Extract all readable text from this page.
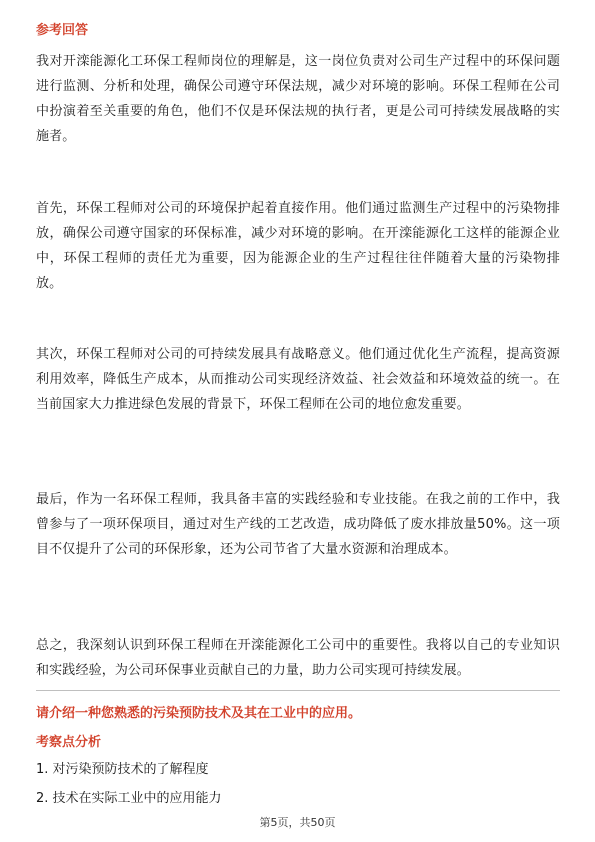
参考回答

我对开滦能源化工环保工程师岗位的理解是，这一岗位负责对公司生产过程中的环保问题进行监测、分析和处理，确保公司遵守环保法规，减少对环境的影响。环保工程师在公司中扮演着至关重要的角色，他们不仅是环保法规的执行者，更是公司可持续发展战略的实施者。

首先，环保工程师对公司的环境保护起着直接作用。他们通过监测生产过程中的污染物排放，确保公司遵守国家的环保标准，减少对环境的影响。在开滦能源化工这样的能源企业中，环保工程师的责任尤为重要，因为能源企业的生产过程往往伴随着大量的污染物排放。

其次，环保工程师对公司的可持续发展具有战略意义。他们通过优化生产流程，提高资源利用效率，降低生产成本，从而推动公司实现经济效益、社会效益和环境效益的统一。在当前国家大力推进绿色发展的背景下，环保工程师在公司的地位愈发重要。

最后，作为一名环保工程师，我具备丰富的实践经验和专业技能。在我之前的工作中，我曾参与了一项环保项目，通过对生产线的工艺改造，成功降低了废水排放量50%。这一项目不仅提升了公司的环保形象，还为公司节省了大量水资源和治理成本。

总之，我深刻认识到环保工程师在开滦能源化工公司中的重要性。我将以自己的专业知识和实践经验，为公司环保事业贡献自己的力量，助力公司实现可持续发展。

请介绍一种您熟悉的污染预防技术及其在工业中的应用。

考察点分析

1. 对污染预防技术的了解程度

2. 技术在实际工业中的应用能力

第5页，共50页
